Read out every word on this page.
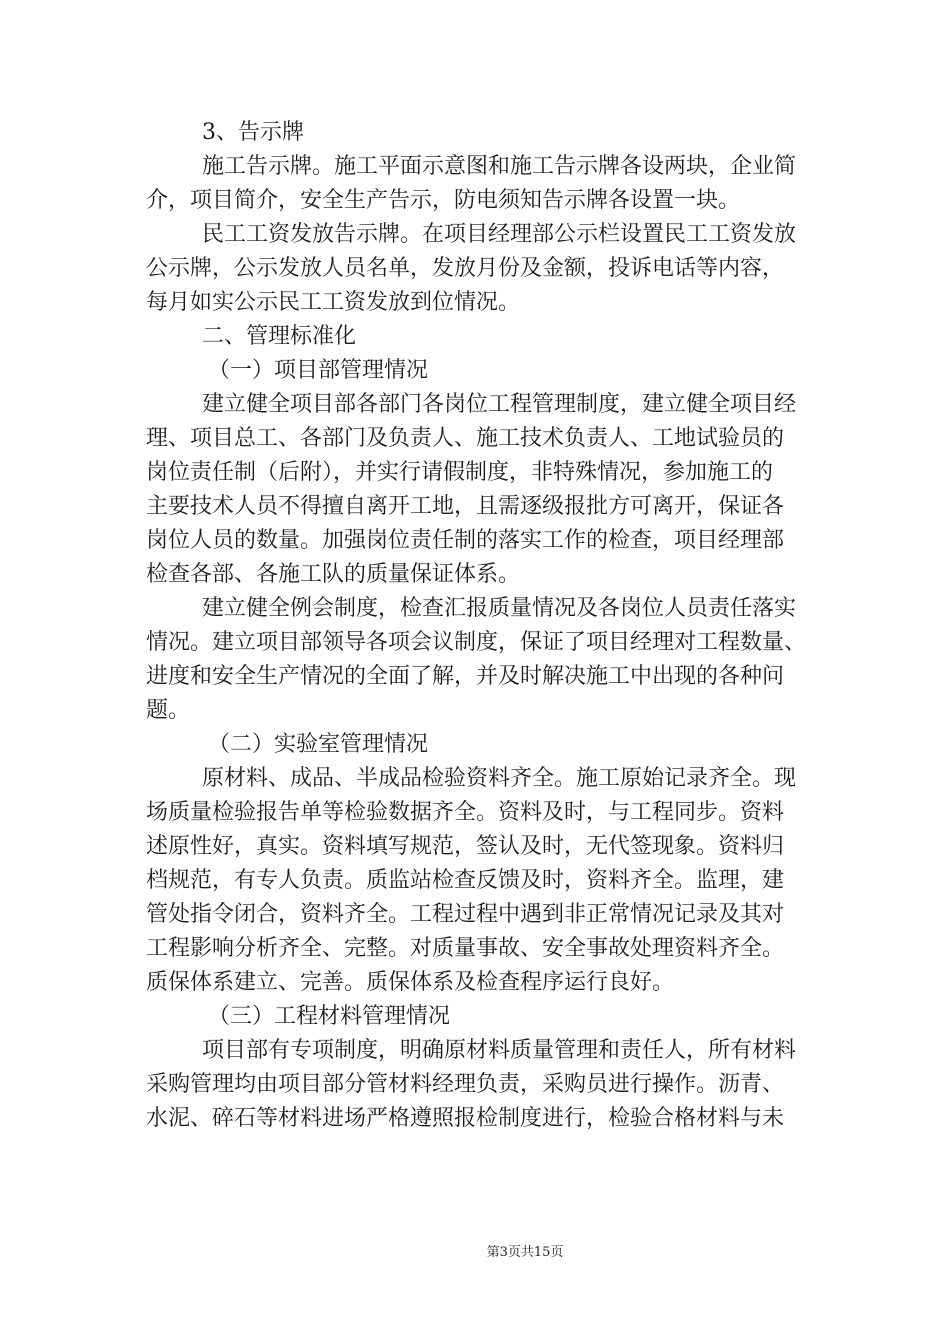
3、告示牌
施工告示牌。施工平面示意图和施工告示牌各设两块，企业简
介，项目简介，安全生产告示，防电须知告示牌各设置一块。
民工工资发放告示牌。在项目经理部公示栏设置民工工资发放
公示牌，公示发放人员名单，发放月份及金额，投诉电话等内容，
每月如实公示民工工资发放到位情况。
二、管理标准化
（一）项目部管理情况
建立健全项目部各部门各岗位工程管理制度，建立健全项目经
理、项目总工、各部门及负责人、施工技术负责人、工地试验员的
岗位责任制（后附），并实行请假制度，非特殊情况，参加施工的
主要技术人员不得擅自离开工地，且需逐级报批方可离开，保证各
岗位人员的数量。加强岗位责任制的落实工作的检查，项目经理部
检查各部、各施工队的质量保证体系。
建立健全例会制度，检查汇报质量情况及各岗位人员责任落实
情况。建立项目部领导各项会议制度，保证了项目经理对工程数量、
进度和安全生产情况的全面了解，并及时解决施工中出现的各种问
题。
（二）实验室管理情况
原材料、成品、半成品检验资料齐全。施工原始记录齐全。现
场质量检验报告单等检验数据齐全。资料及时，与工程同步。资料
述原性好，真实。资料填写规范，签认及时，无代签现象。资料归
档规范，有专人负责。质监站检查反馈及时，资料齐全。监理，建
管处指令闭合，资料齐全。工程过程中遇到非正常情况记录及其对
工程影响分析齐全、完整。对质量事故、安全事故处理资料齐全。
质保体系建立、完善。质保体系及检查程序运行良好。
（三）工程材料管理情况
项目部有专项制度，明确原材料质量管理和责任人，所有材料
采购管理均由项目部分管材料经理负责，采购员进行操作。沥青、
水泥、碎石等材料进场严格遵照报检制度进行，检验合格材料与未
第3页共15页
